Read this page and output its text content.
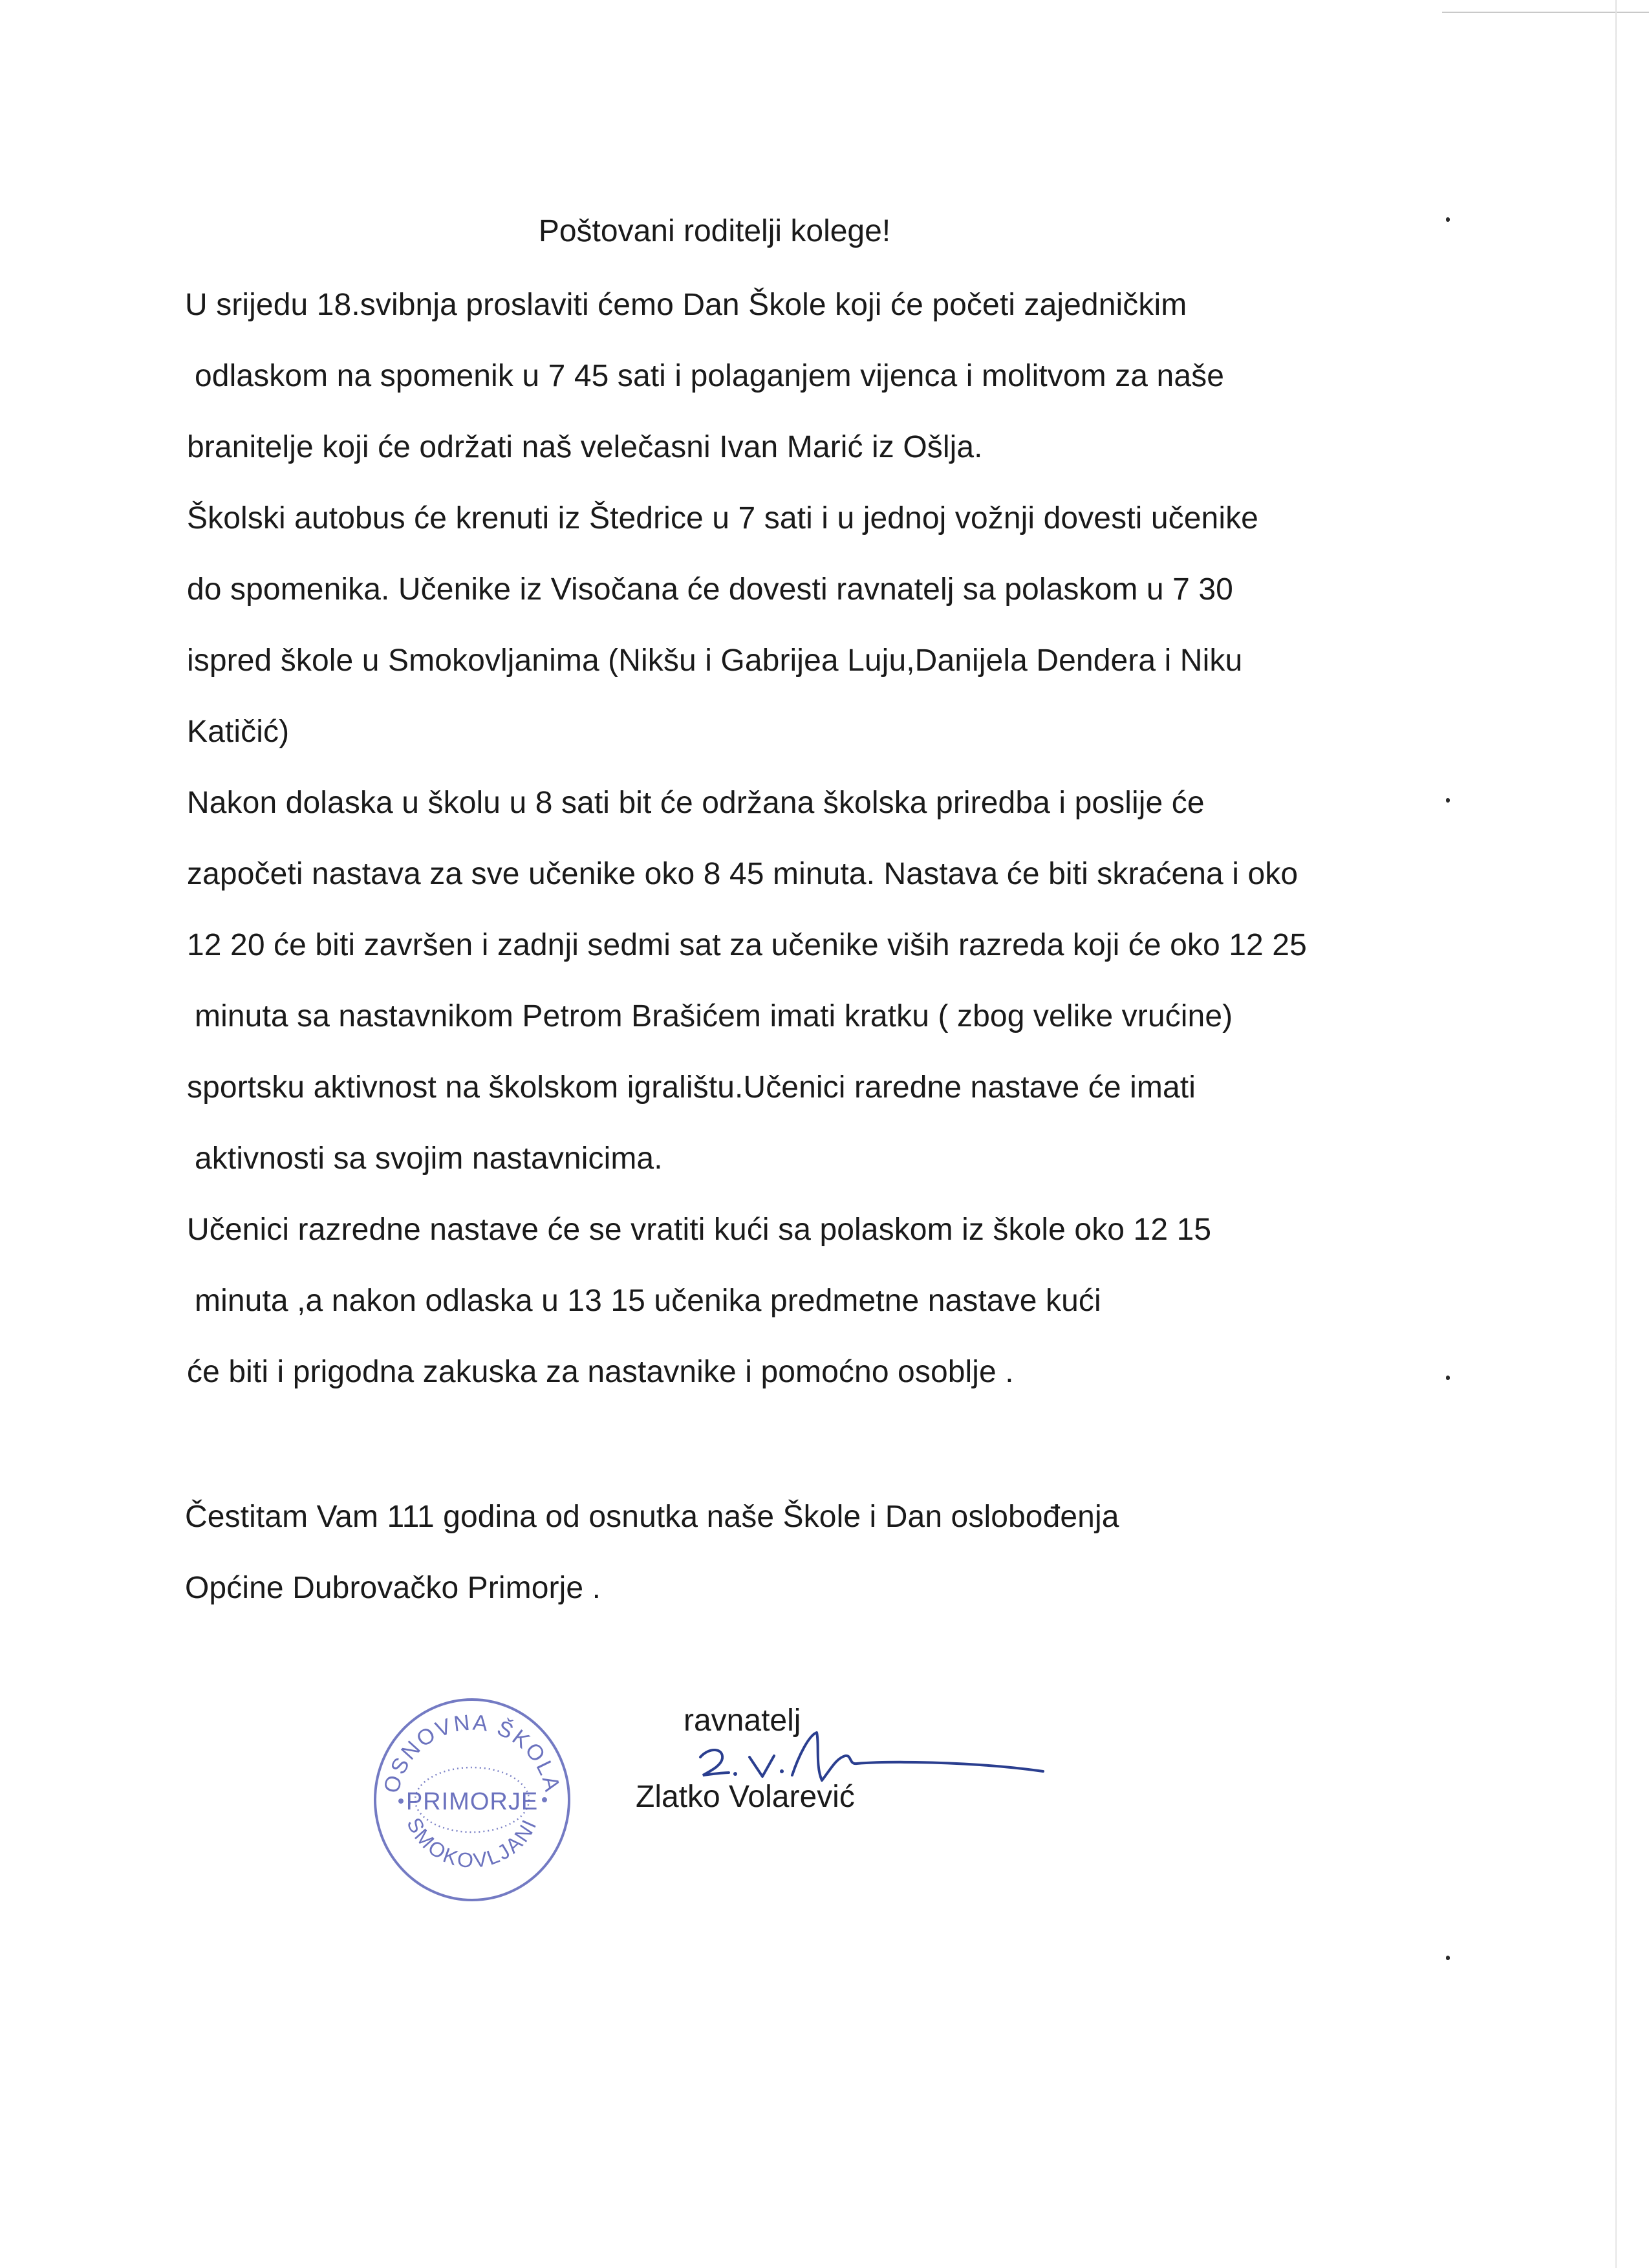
Poštovani roditelji kolege!
U srijedu 18.svibnja proslaviti ćemo Dan Škole koji će početi zajedničkim
odlaskom na spomenik u 7 45 sati i polaganjem vijenca i molitvom za naše
branitelje koji će održati naš velečasni Ivan Marić iz Ošlja.
Školski autobus će krenuti iz Štedrice u 7 sati i u jednoj vožnji dovesti učenike
do spomenika. Učenike iz Visočana će dovesti ravnatelj sa polaskom u 7 30
ispred škole u Smokovljanima (Nikšu i Gabrijea Luju,Danijela Dendera i Niku
Katičić)
Nakon dolaska u školu u 8 sati bit će održana školska priredba i poslije će
započeti nastava za sve učenike oko 8 45 minuta. Nastava će biti skraćena i oko
12 20 će biti završen i zadnji sedmi sat za učenike viših razreda koji će oko 12 25
minuta sa nastavnikom Petrom Brašićem imati kratku ( zbog velike vrućine)
sportsku aktivnost na školskom igralištu.Učenici raredne nastave će imati
aktivnosti sa svojim nastavnicima.
Učenici razredne nastave će se vratiti kući sa polaskom iz škole oko 12 15
minuta ,a nakon odlaska u 13 15 učenika predmetne nastave kući
će biti i prigodna zakuska za nastavnike i pomoćno osoblje .
Čestitam Vam 111 godina od osnutka naše Škole i Dan oslobođenja
Općine Dubrovačko Primorje .
OSNOVNA ŠKOLA
PRIMORJE
SMOKOVLJANI
ravnatelj
Zlatko Volarević
